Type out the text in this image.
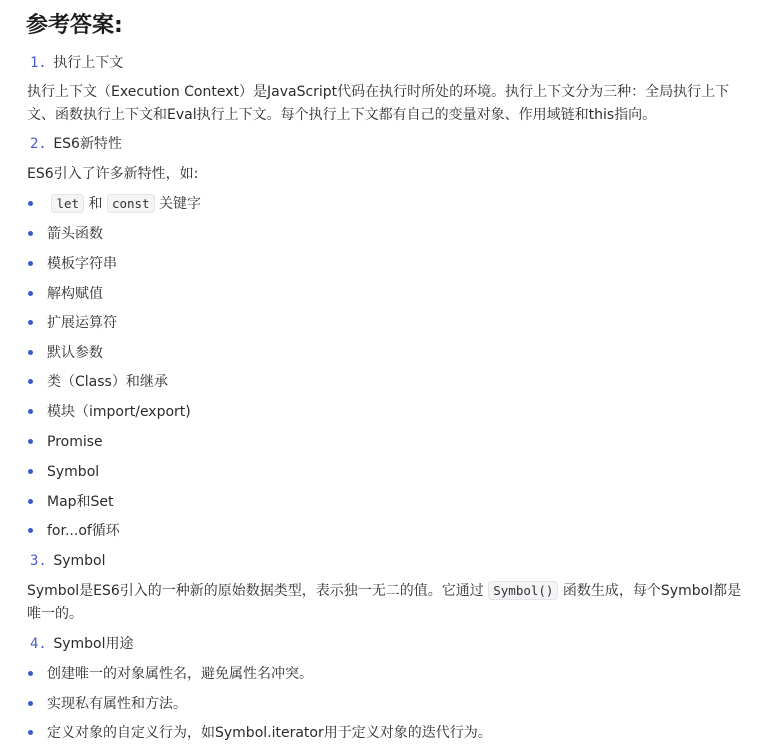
参考答案:
1. 执行上下文

执行上下文（Execution Context）是JavaScript代码在执行时所处的环境。执行上下文分为三种：全局执行上下
文、函数执行上下文和Eval执行上下文。每个执行上下文都有自己的变量对象、作用域链和this指向。

2. ES6新特性
ES6引入了许多新特性，如:
let 和 const 关键字
箭头函数
模板字符串
解构赋值
扩展运算符
默认参数
类（Class）和继承
模块（import/export)
Promise
Symbol
Map和Set
for...of循环
3. Symbol

Symbol是ES6引入的一种新的原始数据类型，表示独一无二的值。它通过 Symbol() 函数生成，每个Symbol都是
唯一的。

4. Symbol用途
创建唯一的对象属性名，避免属性名冲突。
实现私有属性和方法。
定义对象的自定义行为，如Symbol.iterator用于定义对象的迭代行为。
